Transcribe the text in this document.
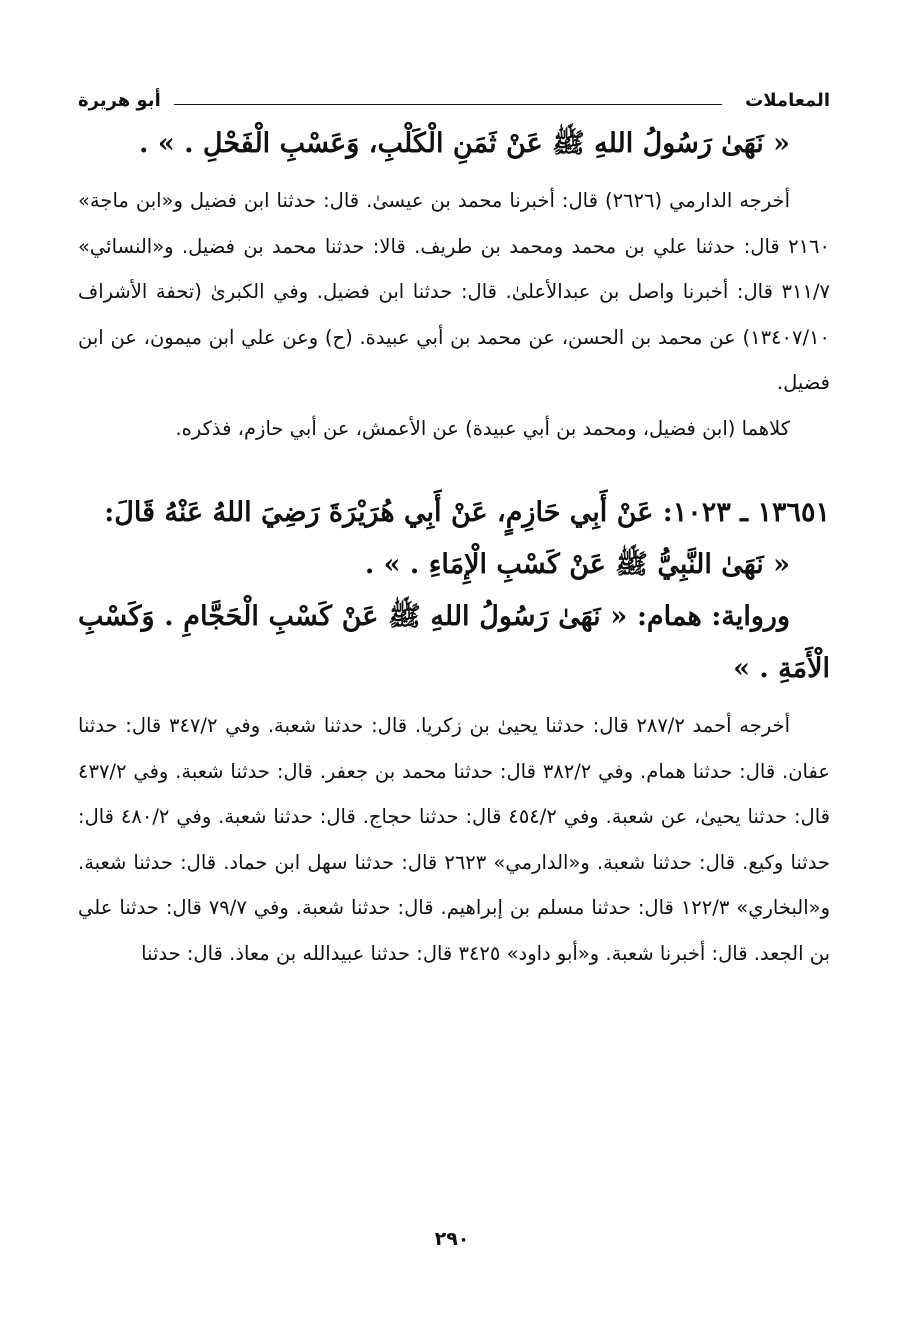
المعاملات
أبو هريرة

« نَهَىٰ رَسُولُ اللهِ ﷺ عَنْ ثَمَنِ الْكَلْبِ، وَعَسْبِ الْفَحْلِ . » .

أخرجه الدارمي (٢٦٢٦) قال: أخبرنا محمد بن عيسىٰ. قال: حدثنا ابن فضيل و«ابن ماجة» ٢١٦٠ قال: حدثنا علي بن محمد ومحمد بن طريف. قالا: حدثنا محمد بن فضيل. و«النسائي» ٣١١/٧ قال: أخبرنا واصل بن عبدالأعلىٰ. قال: حدثنا ابن فضيل. وفي الكبرىٰ (تحفة الأشراف ١٣٤٠٧/١٠) عن محمد بن الحسن، عن محمد بن أبي عبيدة. (ح) وعن علي ابن ميمون، عن ابن فضيل.

كلاهما (ابن فضيل، ومحمد بن أبي عبيدة) عن الأعمش، عن أبي حازم، فذكره.

١٣٦٥١ ـ ١٠٢٣: عَنْ أَبِي حَازِمٍ، عَنْ أَبِي هُرَيْرَةَ رَضِيَ اللهُ عَنْهُ قَالَ:

« نَهَىٰ النَّبِيُّ ﷺ عَنْ كَسْبِ الْإِمَاءِ . » .

ورواية: همام: « نَهَىٰ رَسُولُ اللهِ ﷺ عَنْ كَسْبِ الْحَجَّامِ . وَكَسْبِ الْأَمَةِ . »

أخرجه أحمد ٢٨٧/٢ قال: حدثنا يحيىٰ بن زكريا. قال: حدثنا شعبة. وفي ٣٤٧/٢ قال: حدثنا عفان. قال: حدثنا همام. وفي ٣٨٢/٢ قال: حدثنا محمد بن جعفر. قال: حدثنا شعبة. وفي ٤٣٧/٢ قال: حدثنا يحيىٰ، عن شعبة. وفي ٤٥٤/٢ قال: حدثنا حجاج. قال: حدثنا شعبة. وفي ٤٨٠/٢ قال: حدثنا وكيع. قال: حدثنا شعبة. و«الدارمي» ٢٦٢٣ قال: حدثنا سهل ابن حماد. قال: حدثنا شعبة. و«البخاري» ١٢٢/٣ قال: حدثنا مسلم بن إبراهيم. قال: حدثنا شعبة. وفي ٧٩/٧ قال: حدثنا علي بن الجعد. قال: أخبرنا شعبة. و«أبو داود» ٣٤٢٥ قال: حدثنا عبيدالله بن معاذ. قال: حدثنا

٢٩٠
